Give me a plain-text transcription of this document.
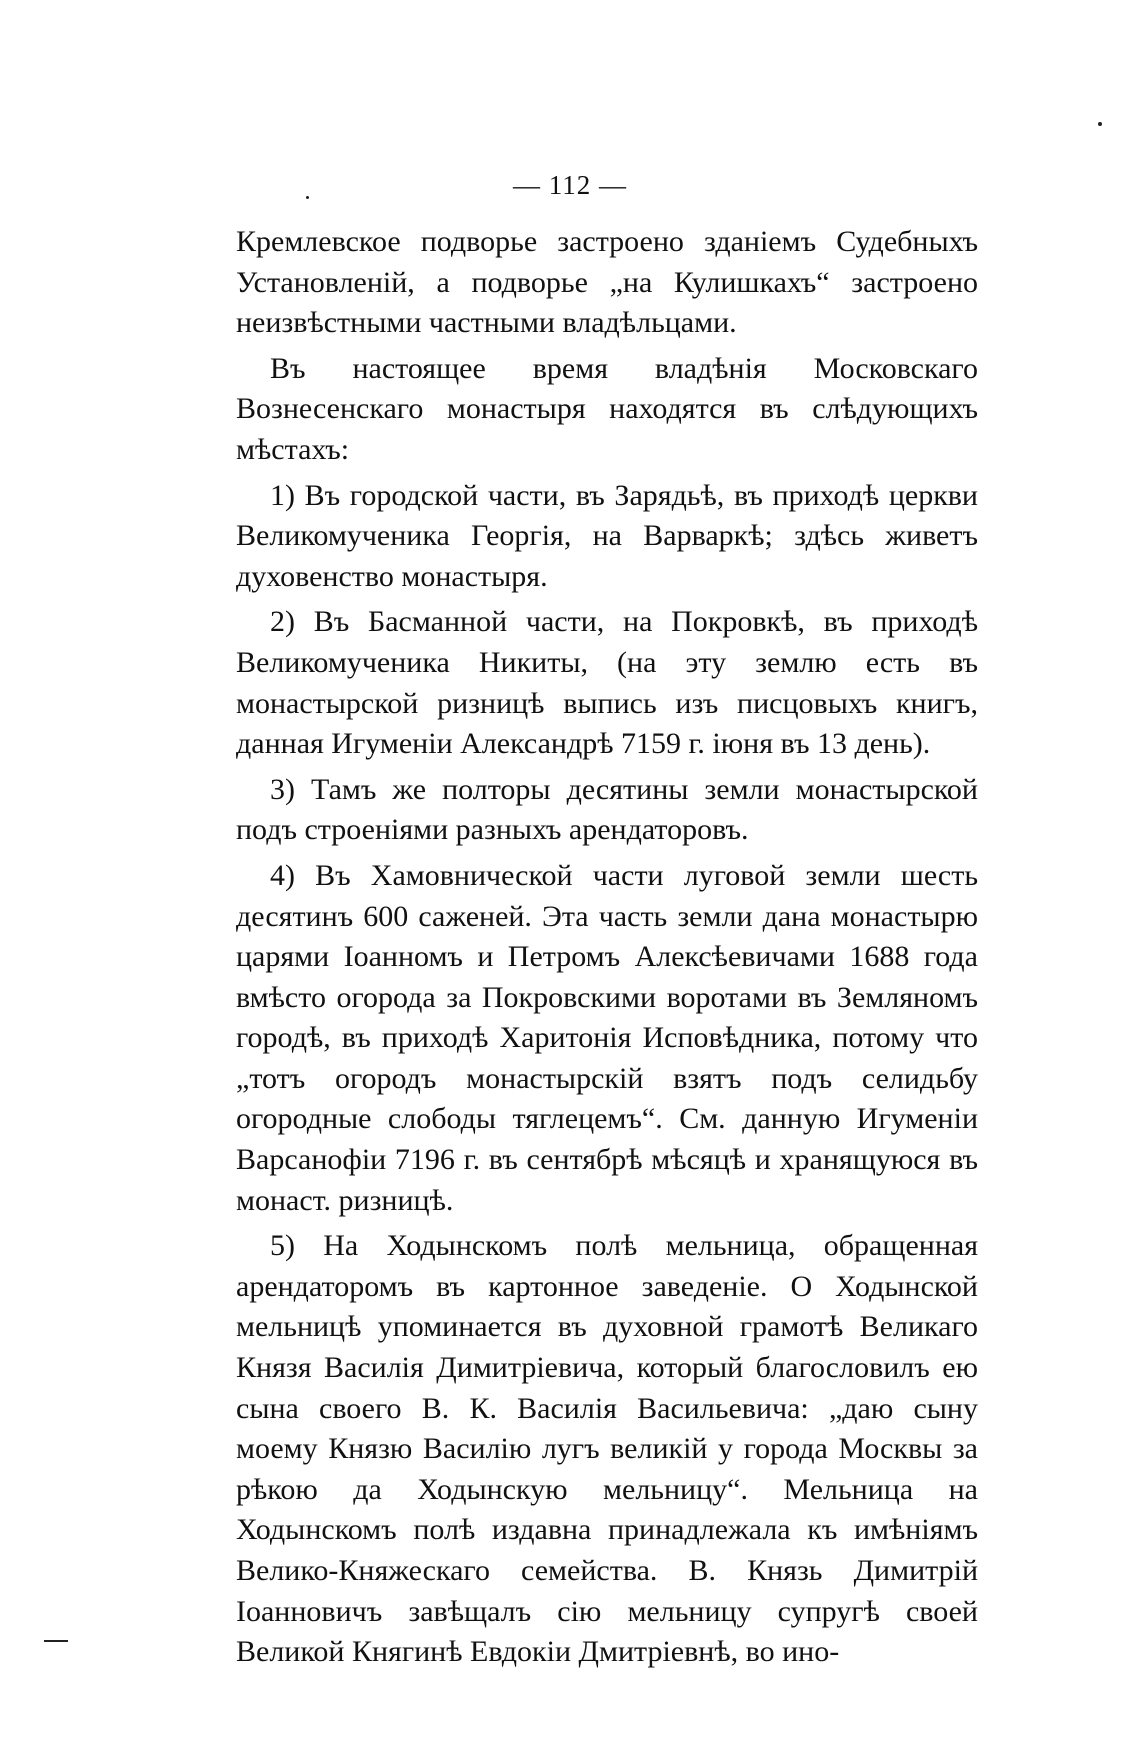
— 112 —

Кремлевское подворье застроено зданіемъ Судебныхъ Установленій, а подворье „на Кулишкахъ“ застроено неизвѣстными частными владѣльцами.

Въ настоящее время владѣнія Московскаго Вознесенскаго монастыря находятся въ слѣдующихъ мѣстахъ:

1) Въ городской части, въ Зарядьѣ, въ приходѣ церкви Великомученика Георгія, на Варваркѣ; здѣсь живетъ духовенство монастыря.

2) Въ Басманной части, на Покровкѣ, въ приходѣ Великомученика Никиты, (на эту землю есть въ монастырской ризницѣ выпись изъ писцовыхъ книгъ, данная Игуменіи Александрѣ 7159 г. іюня въ 13 день).

3) Тамъ же полторы десятины земли монастырской подъ строеніями разныхъ арендаторовъ.

4) Въ Хамовнической части луговой земли шесть десятинъ 600 саженей. Эта часть земли дана монастырю царями Іоанномъ и Петромъ Алексѣевичами 1688 года вмѣсто огорода за Покровскими воротами въ Земляномъ городѣ, въ приходѣ Харитонія Исповѣдника, потому что „тотъ огородъ монастырскій взятъ подъ селидьбу огородные слободы тяглецемъ“. См. данную Игуменіи Варсанофіи 7196 г. въ сентябрѣ мѣсяцѣ и хранящуюся въ монаст. ризницѣ.

5) На Ходынскомъ полѣ мельница, обращенная арендаторомъ въ картонное заведеніе. О Ходынской мельницѣ упоминается въ духовной грамотѣ Великаго Князя Василія Димитріевича, который благословилъ ею сына своего В. К. Василія Васильевича: „даю сыну моему Князю Василію лугъ великій у города Москвы за рѣкою да Ходынскую мельницу“. Мельница на Ходынскомъ полѣ издавна принадлежала къ имѣніямъ Велико-Княжескаго семейства. В. Князь Димитрій Іоанновичъ завѣщалъ сію мельницу супругѣ своей Великой Княгинѣ Евдокіи Дмитріевнѣ, во ино-
